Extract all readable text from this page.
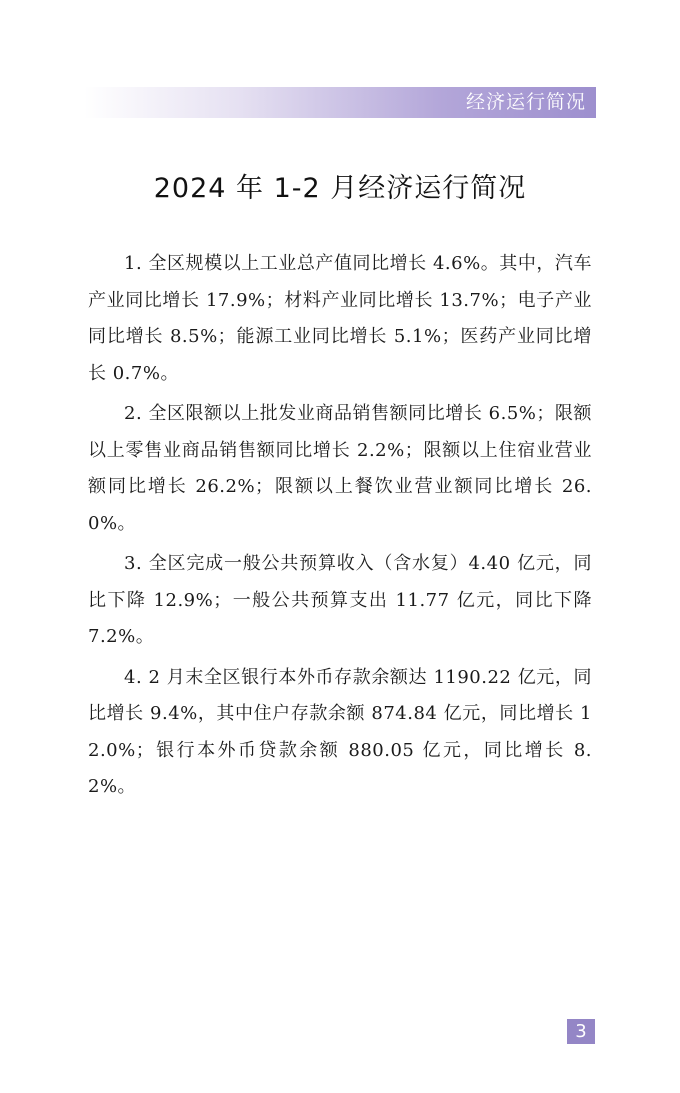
经济运行简况
2024 年 1-2 月经济运行简况

1. 全区规模以上工业总产值同比增长 4.6%。其中，汽车产业同比增长 17.9%；材料产业同比增长 13.7%；电子产业同比增长 8.5%；能源工业同比增长 5.1%；医药产业同比增长 0.7%。

2. 全区限额以上批发业商品销售额同比增长 6.5%；限额以上零售业商品销售额同比增长 2.2%；限额以上住宿业营业额同比增长 26.2%；限额以上餐饮业营业额同比增长 26.0%。

3. 全区完成一般公共预算收入（含水复）4.40 亿元，同比下降 12.9%；一般公共预算支出 11.77 亿元，同比下降 7.2%。

4. 2 月末全区银行本外币存款余额达 1190.22 亿元，同比增长 9.4%，其中住户存款余额 874.84 亿元，同比增长 12.0%；银行本外币贷款余额 880.05 亿元，同比增长 8.2%。

3
